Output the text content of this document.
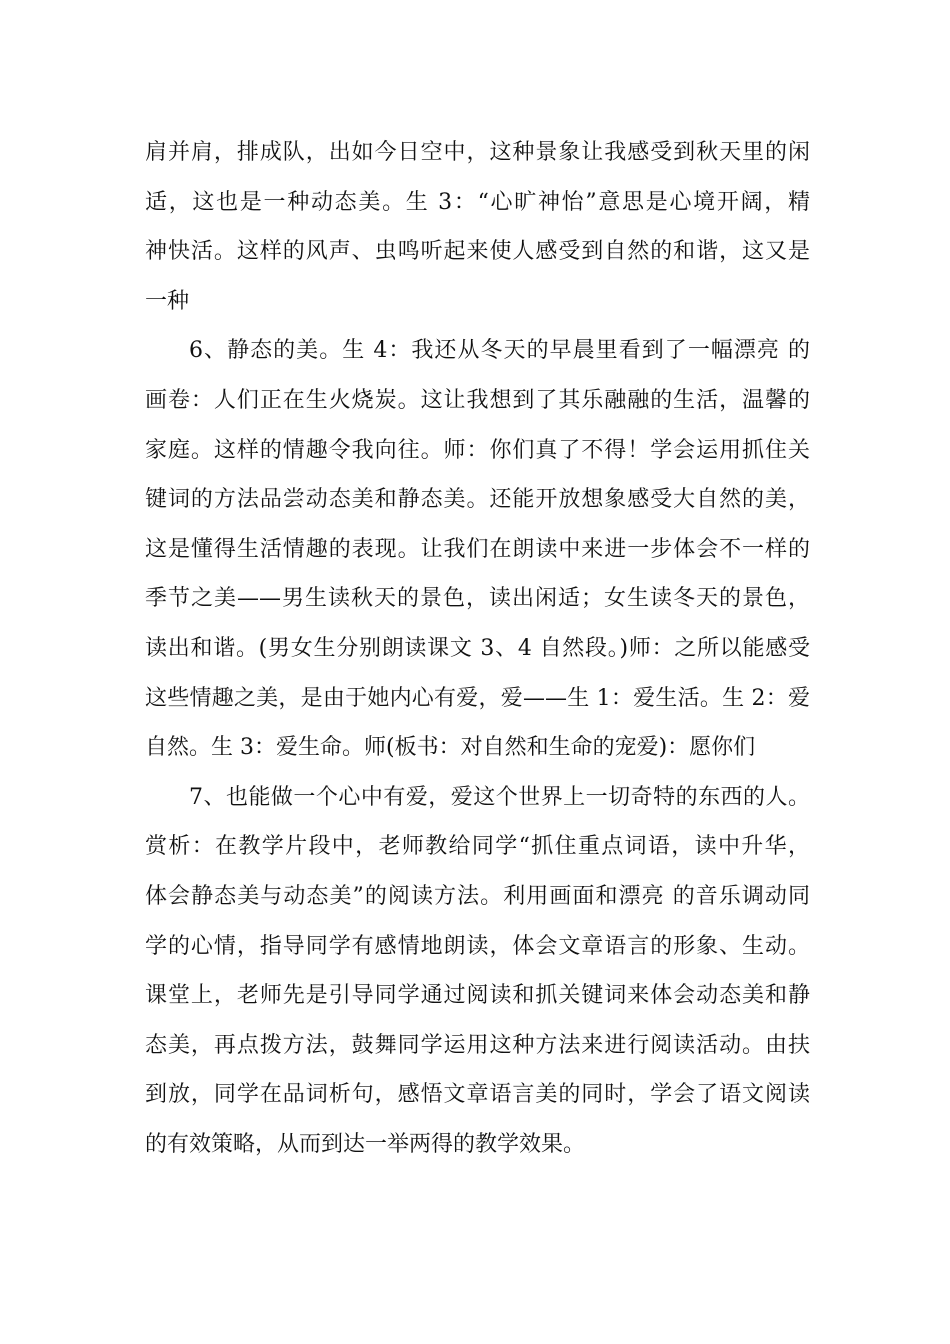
肩并肩，排成队，出如今日空中，这种景象让我感受到秋天里的闲
适，这也是一种动态美。生 3：“心旷神怡”意思是心境开阔，精
神快活。这样的风声、虫鸣听起来使人感受到自然的和谐，这又是
一种
6、静态的美。生 4：我还从冬天的早晨里看到了一幅漂亮 的
画卷：人们正在生火烧炭。这让我想到了其乐融融的生活，温馨的
家庭。这样的情趣令我向往。师：你们真了不得！学会运用抓住关
键词的方法品尝动态美和静态美。还能开放想象感受大自然的美，
这是懂得生活情趣的表现。让我们在朗读中来进一步体会不一样的
季节之美——男生读秋天的景色，读出闲适；女生读冬天的景色，
读出和谐。(男女生分别朗读课文 3、4 自然段。)师：之所以能感受
这些情趣之美，是由于她内心有爱，爱——生 1：爱生活。生 2：爱
自然。生 3：爱生命。师(板书：对自然和生命的宠爱)：愿你们
7、也能做一个心中有爱，爱这个世界上一切奇特的东西的人。
赏析：在教学片段中，老师教给同学“抓住重点词语，读中升华，
体会静态美与动态美”的阅读方法。利用画面和漂亮 的音乐调动同
学的心情，指导同学有感情地朗读，体会文章语言的形象、生动。
课堂上，老师先是引导同学通过阅读和抓关键词来体会动态美和静
态美，再点拨方法，鼓舞同学运用这种方法来进行阅读活动。由扶
到放，同学在品词析句，感悟文章语言美的同时，学会了语文阅读
的有效策略，从而到达一举两得的教学效果。
